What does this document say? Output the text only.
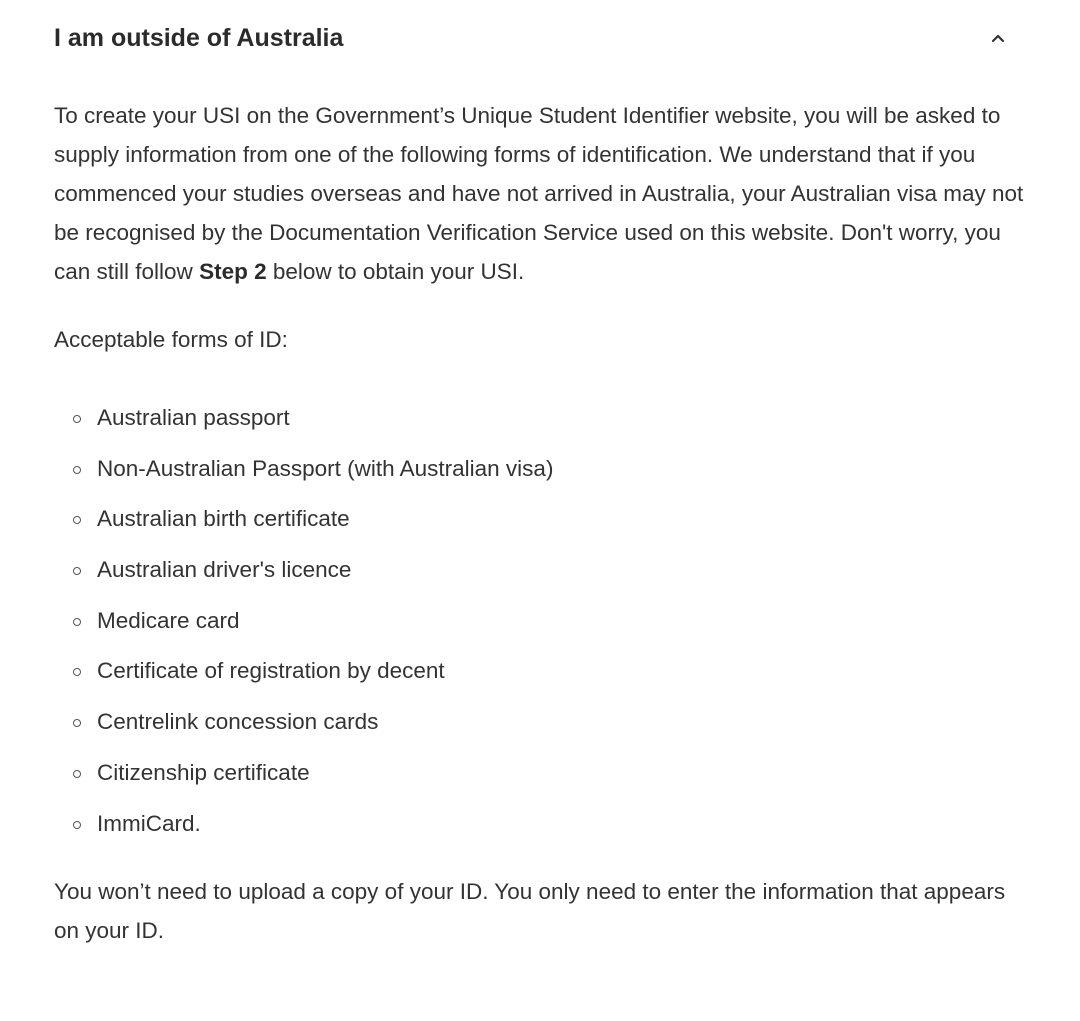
I am outside of Australia

To create your USI on the Government’s Unique Student Identifier website, you will be asked to supply information from one of the following forms of identification. We understand that if you commenced your studies overseas and have not arrived in Australia, your Australian visa may not be recognised by the Documentation Verification Service used on this website. Don't worry, you can still follow Step 2 below to obtain your USI.

Acceptable forms of ID:

Australian passport
Non-Australian Passport (with Australian visa)
Australian birth certificate
Australian driver's licence
Medicare card
Certificate of registration by decent
Centrelink concession cards
Citizenship certificate
ImmiCard.

You won’t need to upload a copy of your ID. You only need to enter the information that appears on your ID.
